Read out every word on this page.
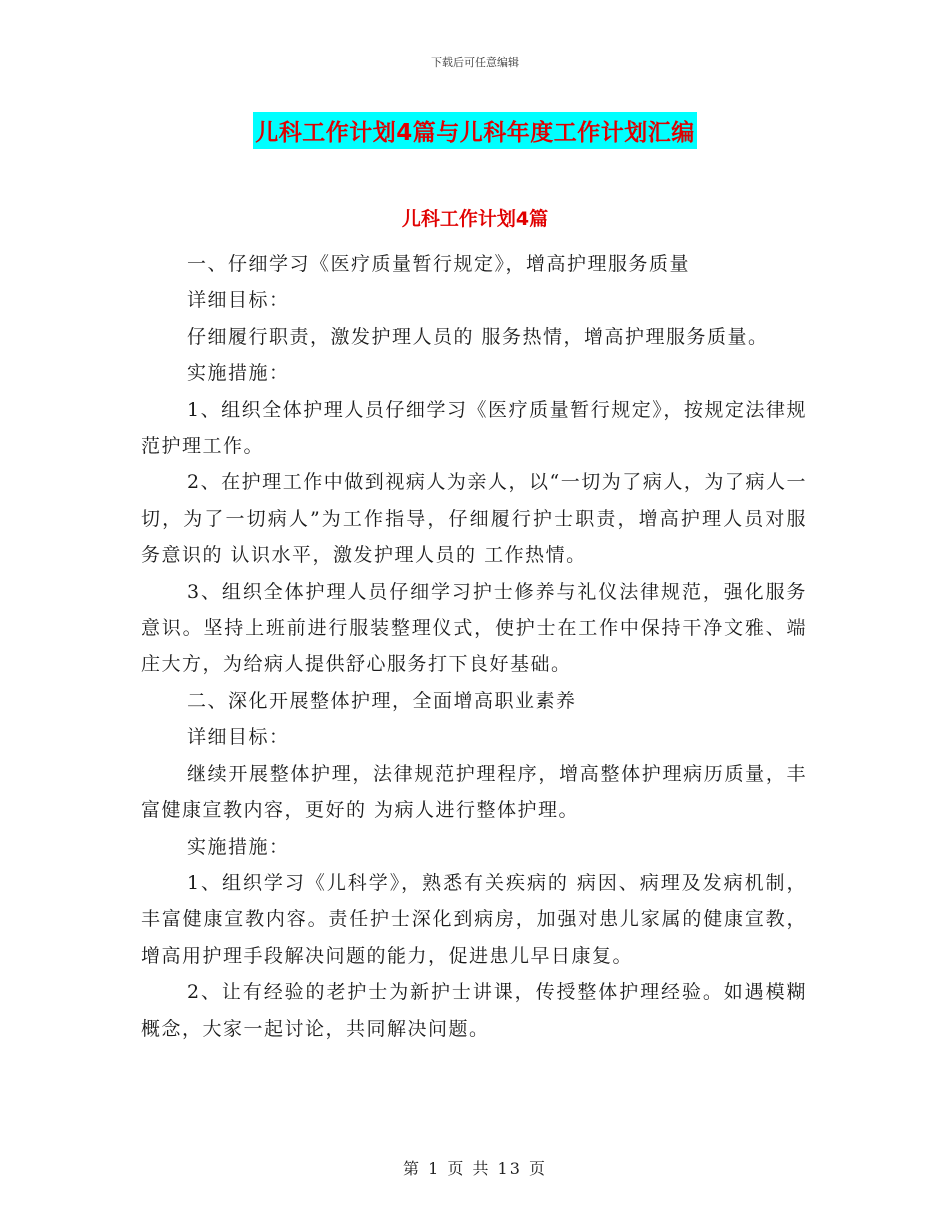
下载后可任意编辑
儿科工作计划4篇与儿科年度工作计划汇编
儿科工作计划4篇

一、仔细学习《医疗质量暂行规定》，增高护理服务质量

详细目标：

仔细履行职责，激发护理人员的 服务热情，增高护理服务质量。

实施措施：

1、组织全体护理人员仔细学习《医疗质量暂行规定》，按规定法律规范护理工作。

2、在护理工作中做到视病人为亲人，以“一切为了病人，为了病人一切，为了一切病人”为工作指导，仔细履行护士职责，增高护理人员对服务意识的 认识水平，激发护理人员的 工作热情。

3、组织全体护理人员仔细学习护士修养与礼仪法律规范，强化服务意识。坚持上班前进行服装整理仪式，使护士在工作中保持干净文雅、端庄大方，为给病人提供舒心服务打下良好基础。

二、深化开展整体护理，全面增高职业素养

详细目标：

继续开展整体护理，法律规范护理程序，增高整体护理病历质量，丰富健康宣教内容，更好的 为病人进行整体护理。

实施措施：

1、组织学习《儿科学》，熟悉有关疾病的 病因、病理及发病机制，丰富健康宣教内容。责任护士深化到病房，加强对患儿家属的健康宣教，增高用护理手段解决问题的能力，促进患儿早日康复。

2、让有经验的老护士为新护士讲课，传授整体护理经验。如遇模糊概念，大家一起讨论，共同解决问题。

第 1 页 共 13 页
